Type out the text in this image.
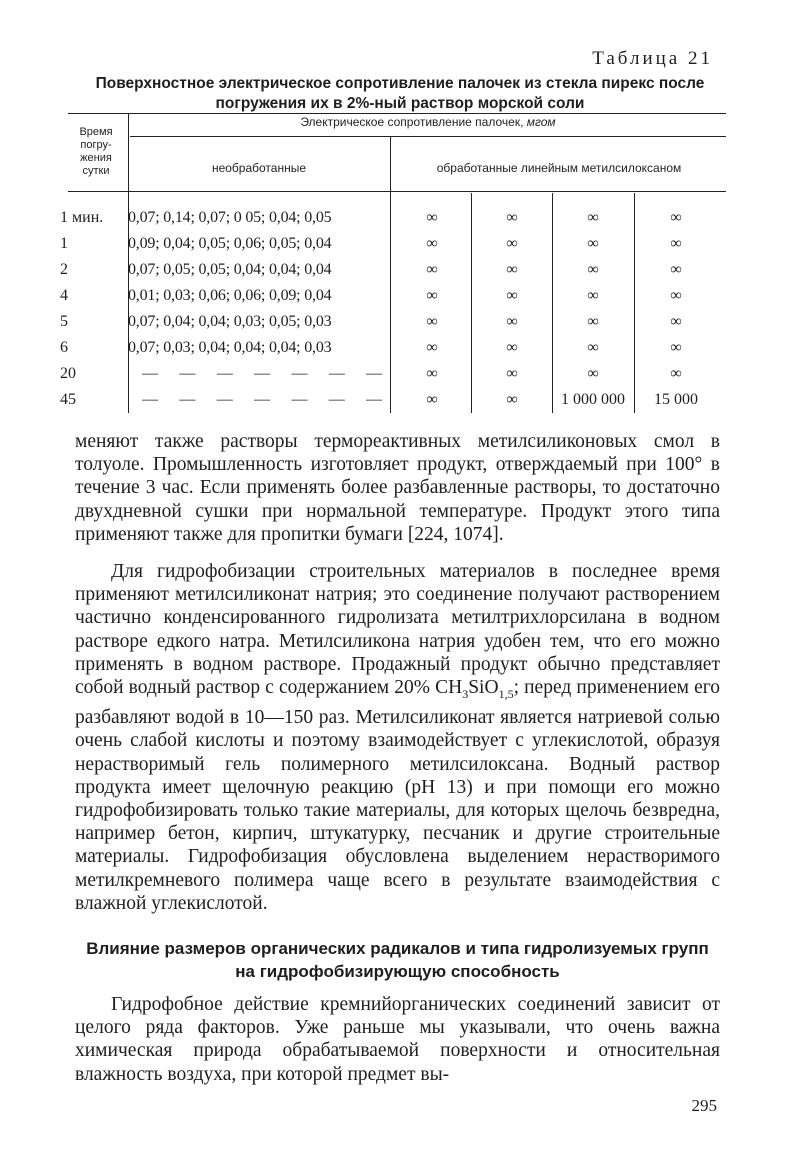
Таблица 21
Поверхностное электрическое сопротивление палочек из стекла пирекс после погружения их в 2%-ный раствор морской соли
Время погру-жения сутки
Электрическое сопротивление палочек, мгом
необработанные	обработанные линейным метилсилоксаном
1 мин.	0,07; 0,14; 0,07; 0 05; 0,04; 0,05	∞	∞	∞	∞
1	0,09; 0,04; 0,05; 0,06; 0,05; 0,04	∞	∞	∞	∞
2	0,07; 0,05; 0,05; 0,04; 0,04; 0,04	∞	∞	∞	∞
4	0,01; 0,03; 0,06; 0,06; 0,09; 0,04	∞	∞	∞	∞
5	0,07; 0,04; 0,04; 0,03; 0,05; 0,03	∞	∞	∞	∞
6	0,07; 0,03; 0,04; 0,04; 0,04; 0,03	∞	∞	∞	∞
20	— — — — — — —	∞	∞	∞	∞
45	— — — — — — —	∞	∞	1 000 000	15 000
меняют также растворы термореактивных метилсиликоновых смол в толуоле. Промышленность изготовляет продукт, отверждаемый при 100° в течение 3 час. Если применять более разбавленные растворы, то достаточно двухдневной сушки при нормальной температуре. Продукт этого типа применяют также для пропитки бумаги [224, 1074].
Для гидрофобизации строительных материалов в последнее время применяют метилсиликонат натрия; это соединение получают растворением частично конденсированного гидролизата метилтрихлорсилана в водном растворе едкого натра. Метилсиликона натрия удобен тем, что его можно применять в водном растворе. Продажный продукт обычно представляет собой водный раствор с содержанием 20% $CH_3SiO_{1,5}$; перед применением его разбавляют водой в 10—150 раз. Метилсиликонат является натриевой солью очень слабой кислоты и поэтому взаимодействует с углекислотой, образуя нерастворимый гель полимерного метилсилоксана. Водный раствор продукта имеет щелочную реакцию (pH 13) и при помощи его можно гидрофобизировать только такие материалы, для которых щелочь безвредна, например бетон, кирпич, штукатурку, песчаник и другие строительные материалы. Гидрофобизация обусловлена выделением нерастворимого метилкремневого полимера чаще всего в результате взаимодействия с влажной углекислотой.
Влияние размеров органических радикалов и типа гидролизуемых групп на гидрофобизирующую способность
Гидрофобное действие кремнийорганических соединений зависит от целого ряда факторов. Уже раньше мы указывали, что очень важна химическая природа обрабатываемой поверхности и относительная влажность воздуха, при которой предмет вы-
295
